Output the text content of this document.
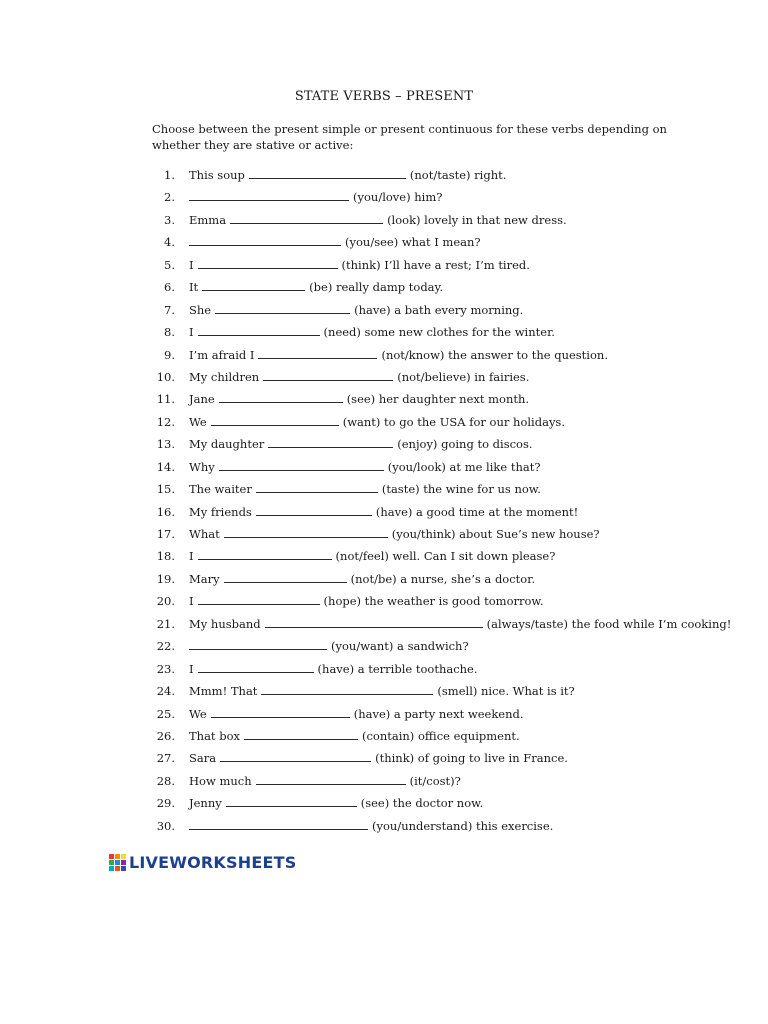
STATE VERBS – PRESENT

Choose between the present simple or present continuous for these verbs depending on whether they are stative or active:

1. This soup	(not/taste) right.
2.	(you/love) him?
3. Emma	(look) lovely in that new dress.
4.	(you/see) what I mean?
5. I	(think) I’ll have a rest; I’m tired.
6. It	(be) really damp today.
7. She	(have) a bath every morning.
8. I	(need) some new clothes for the winter.
9. I’m afraid I	(not/know) the answer to the question.
10. My children	(not/believe) in fairies.
11. Jane	(see) her daughter next month.
12. We	(want) to go the USA for our holidays.
13. My daughter	(enjoy) going to discos.
14. Why	(you/look) at me like that?
15. The waiter	(taste) the wine for us now.
16. My friends	(have) a good time at the moment!
17. What	(you/think) about Sue’s new house?
18. I	(not/feel) well. Can I sit down please?
19. Mary	(not/be) a nurse, she’s a doctor.
20. I	(hope) the weather is good tomorrow.
21. My husband	(always/taste) the food while I’m cooking!
22.	(you/want) a sandwich?
23. I	(have) a terrible toothache.
24. Mmm! That	(smell) nice. What is it?
25. We	(have) a party next weekend.
26. That box	(contain) office equipment.
27. Sara	(think) of going to live in France.
28. How much	(it/cost)?
29. Jenny	(see) the doctor now.
30.	(you/understand) this exercise.
LIVEWORKSHEETS
